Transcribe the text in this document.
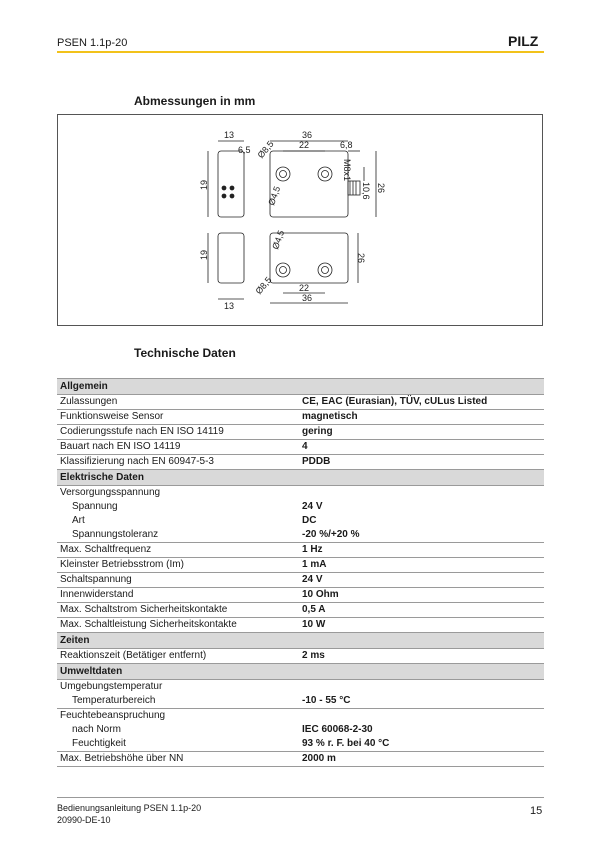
PSEN 1.1p-20	PILZ
Abmessungen in mm
13
6,5 Ø8,5
36
22	6,8
M8x1
10,6 26
19	Ø4,5
19
Ø4,5
26
Ø8,5	22
36
13
Technische Daten
Allgemein	
Zulassungen	CE, EAC (Eurasian), TÜV, cULus Listed
Funktionsweise Sensor	magnetisch
Codierungsstufe nach EN ISO 14119	gering
Bauart nach EN ISO 14119	4
Klassifizierung nach EN 60947-5-3	PDDB
Elektrische Daten	
Versorgungsspannung	
Spannung	24 V
Art	DC
Spannungstoleranz	-20 %/+20 %
Max. Schaltfrequenz	1 Hz
Kleinster Betriebsstrom (Im)	1 mA
Schaltspannung	24 V
Innenwiderstand	10 Ohm
Max. Schaltstrom Sicherheitskontakte	0,5 A
Max. Schaltleistung Sicherheitskontakte	10 W
Zeiten	
Reaktionszeit (Betätiger entfernt)	2 ms
Umweltdaten	
Umgebungstemperatur	
Temperaturbereich	-10 - 55 °C
Feuchtebeanspruchung	
nach Norm	IEC 60068-2-30
Feuchtigkeit	93 % r. F. bei 40 °C
Max. Betriebshöhe über NN	2000 m
Bedienungsanleitung PSEN 1.1p-20
20990-DE-10
15
